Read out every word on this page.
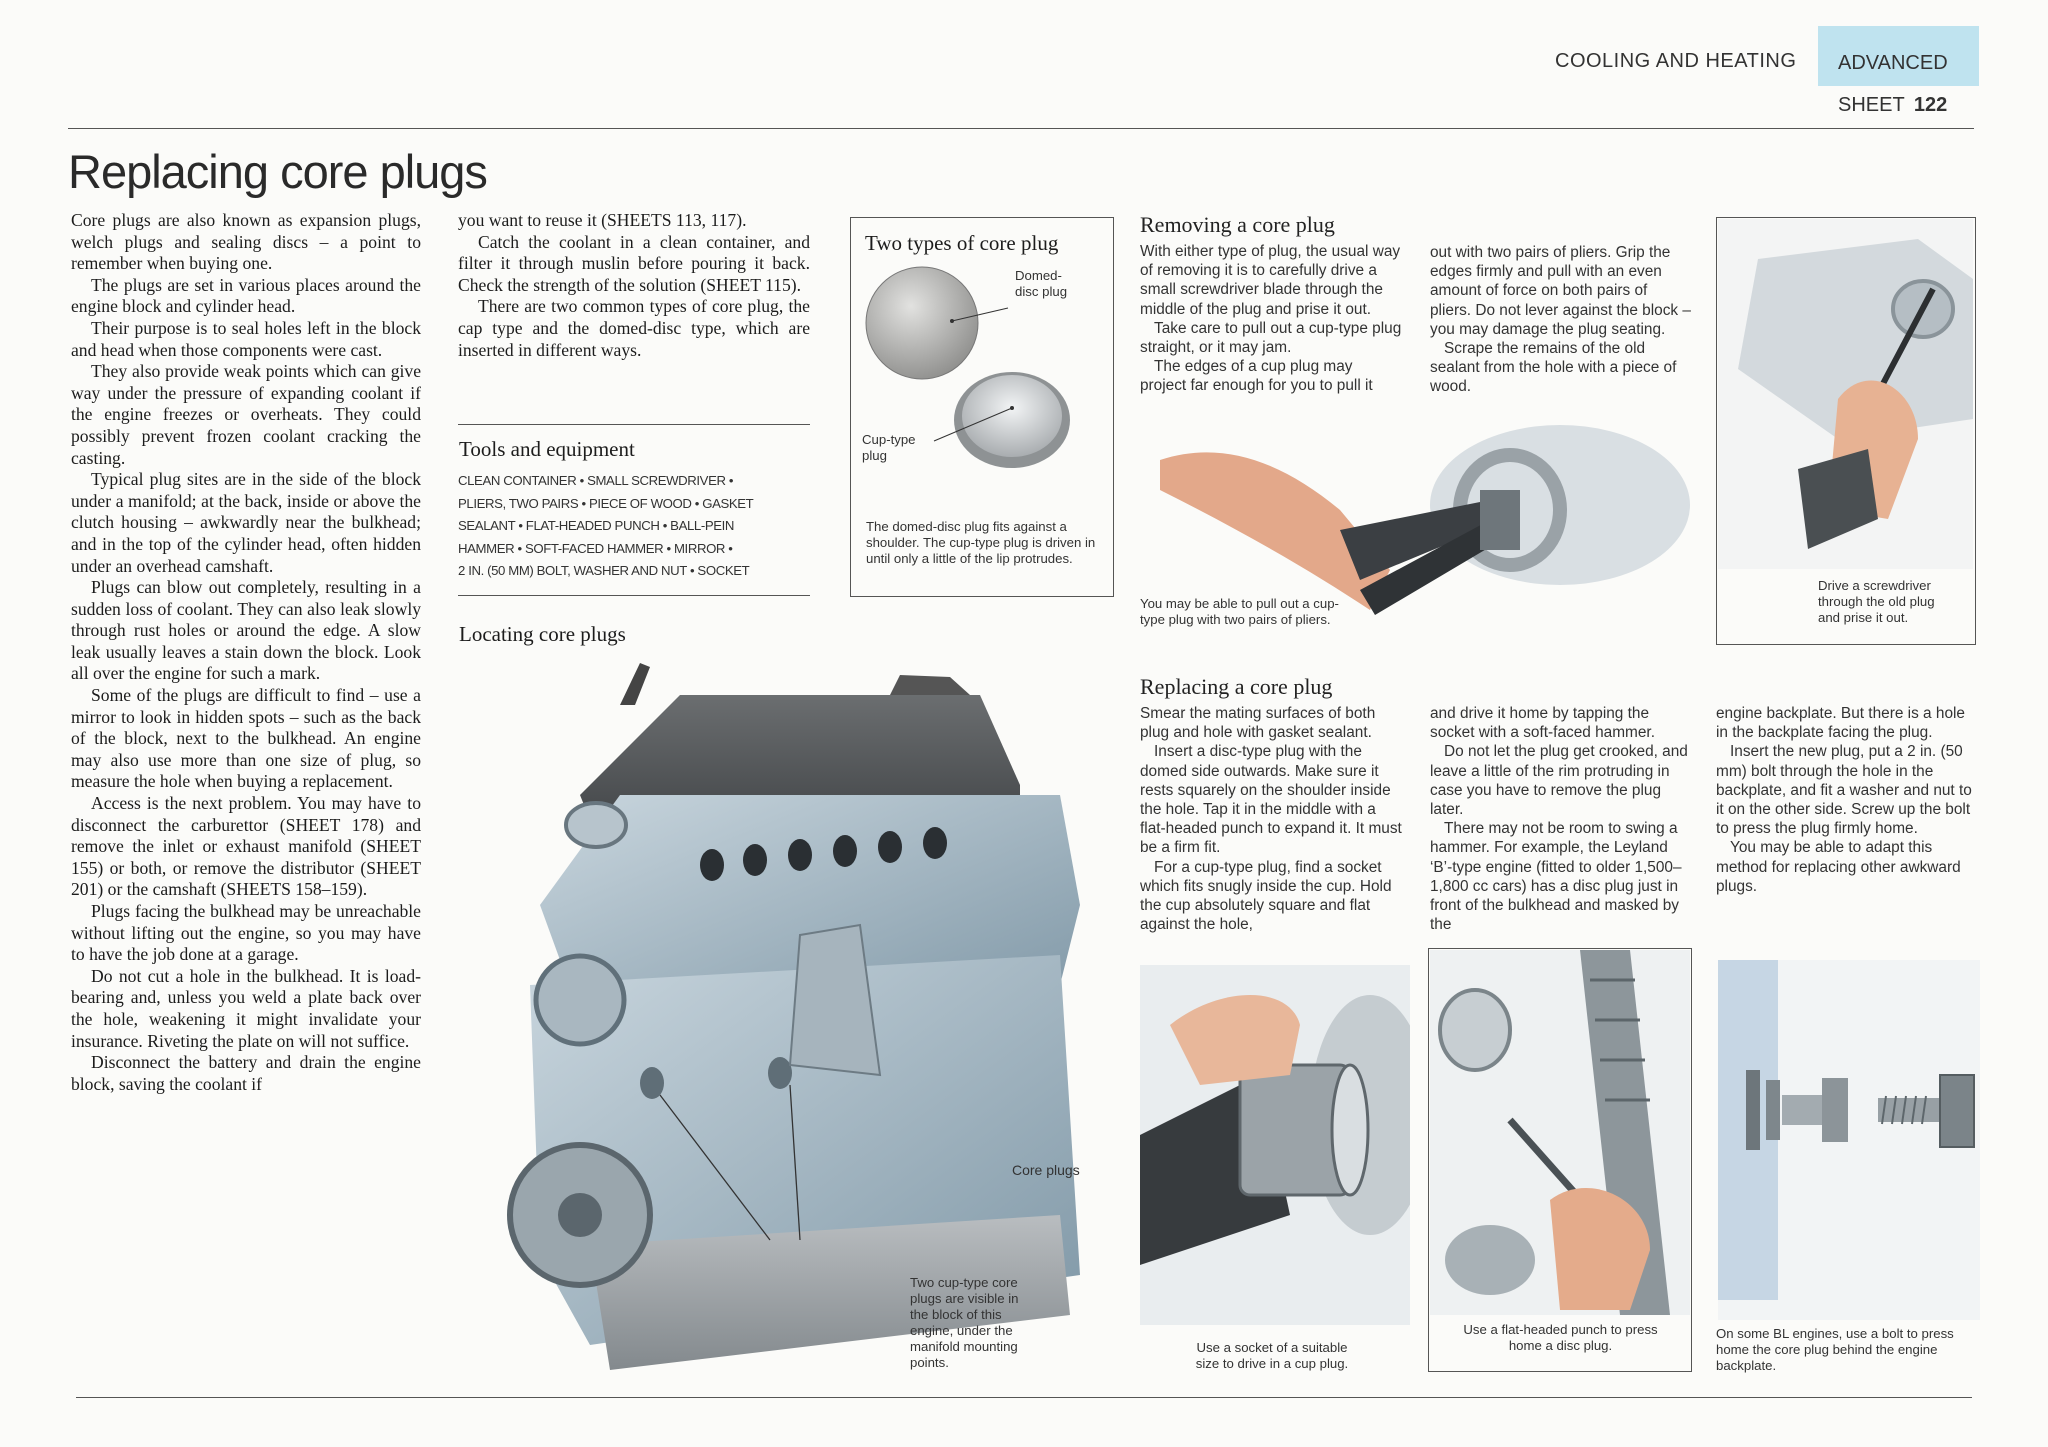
COOLING AND HEATING ADVANCED
SHEET 122
Replacing core plugs

Core plugs are also known as expansion plugs, welch plugs and sealing discs – a point to remember when buying one.

The plugs are set in various places around the engine block and cylinder head.

Their purpose is to seal holes left in the block and head when those components were cast.

They also provide weak points which can give way under the pressure of expanding coolant if the engine freezes or overheats. They could possibly prevent frozen coolant cracking the casting.

Typical plug sites are in the side of the block under a manifold; at the back, inside or above the clutch housing – awkwardly near the bulkhead; and in the top of the cylinder head, often hidden under an overhead camshaft.

Plugs can blow out completely, resulting in a sudden loss of coolant. They can also leak slowly through rust holes or around the edge. A slow leak usually leaves a stain down the block. Look all over the engine for such a mark.

Some of the plugs are difficult to find – use a mirror to look in hidden spots – such as the back of the block, next to the bulkhead. An engine may also use more than one size of plug, so measure the hole when buying a replacement.

Access is the next problem. You may have to disconnect the carburettor (SHEET 178) and remove the inlet or exhaust manifold (SHEET 155) or both, or remove the distributor (SHEET 201) or the camshaft (SHEETS 158–159).

Plugs facing the bulkhead may be unreachable without lifting out the engine, so you may have to have the job done at a garage.

Do not cut a hole in the bulkhead. It is load-bearing and, unless you weld a plate back over the hole, weakening it might invalidate your insurance. Riveting the plate on will not suffice.

Disconnect the battery and drain the engine block, saving the coolant if

you want to reuse it (SHEETS 113, 117).

Catch the coolant in a clean container, and filter it through muslin before pouring it back. Check the strength of the solution (SHEET 115).

There are two common types of core plug, the cap type and the domed-disc type, which are inserted in different ways.

Tools and equipment
CLEAN CONTAINER • SMALL SCREWDRIVER •
PLIERS, TWO PAIRS • PIECE OF WOOD • GASKET
SEALANT • FLAT-HEADED PUNCH • BALL-PEIN
HAMMER • SOFT-FACED HAMMER • MIRROR •
2 IN. (50 MM) BOLT, WASHER AND NUT • SOCKET
Locating core plugs
Core plugs
Two cup-type core plugs are visible in the block of this engine, under the manifold mounting points.
Two types of core plug
Domed-disc plug
Cup-type plug
The domed-disc plug fits against a shoulder. The cup-type plug is driven in until only a little of the lip protrudes.
Removing a core plug

With either type of plug, the usual way of removing it is to carefully drive a small screwdriver blade through the middle of the plug and prise it out.

Take care to pull out a cup-type plug straight, or it may jam.

The edges of a cup plug may project far enough for you to pull it

out with two pairs of pliers. Grip the edges firmly and pull with an even amount of force on both pairs of pliers. Do not lever against the block – you may damage the plug seating.

Scrape the remains of the old sealant from the hole with a piece of wood.

You may be able to pull out a cup-type plug with two pairs of pliers.
Drive a screwdriver through the old plug and prise it out.
Replacing a core plug

Smear the mating surfaces of both plug and hole with gasket sealant.

Insert a disc-type plug with the domed side outwards. Make sure it rests squarely on the shoulder inside the hole. Tap it in the middle with a flat-headed punch to expand it. It must be a firm fit.

For a cup-type plug, find a socket which fits snugly inside the cup. Hold the cup absolutely square and flat against the hole,

and drive it home by tapping the socket with a soft-faced hammer.

Do not let the plug get crooked, and leave a little of the rim protruding in case you have to remove the plug later.

There may not be room to swing a hammer. For example, the Leyland ‘B’-type engine (fitted to older 1,500–1,800 cc cars) has a disc plug just in front of the bulkhead and masked by the

engine backplate. But there is a hole in the backplate facing the plug.

Insert the new plug, put a 2 in. (50 mm) bolt through the hole in the backplate, and fit a washer and nut to it on the other side. Screw up the bolt to press the plug firmly home.

You may be able to adapt this method for replacing other awkward plugs.

Use a socket of a suitable size to drive in a cup plug.
Use a flat-headed punch to press home a disc plug.
On some BL engines, use a bolt to press home the core plug behind the engine backplate.
